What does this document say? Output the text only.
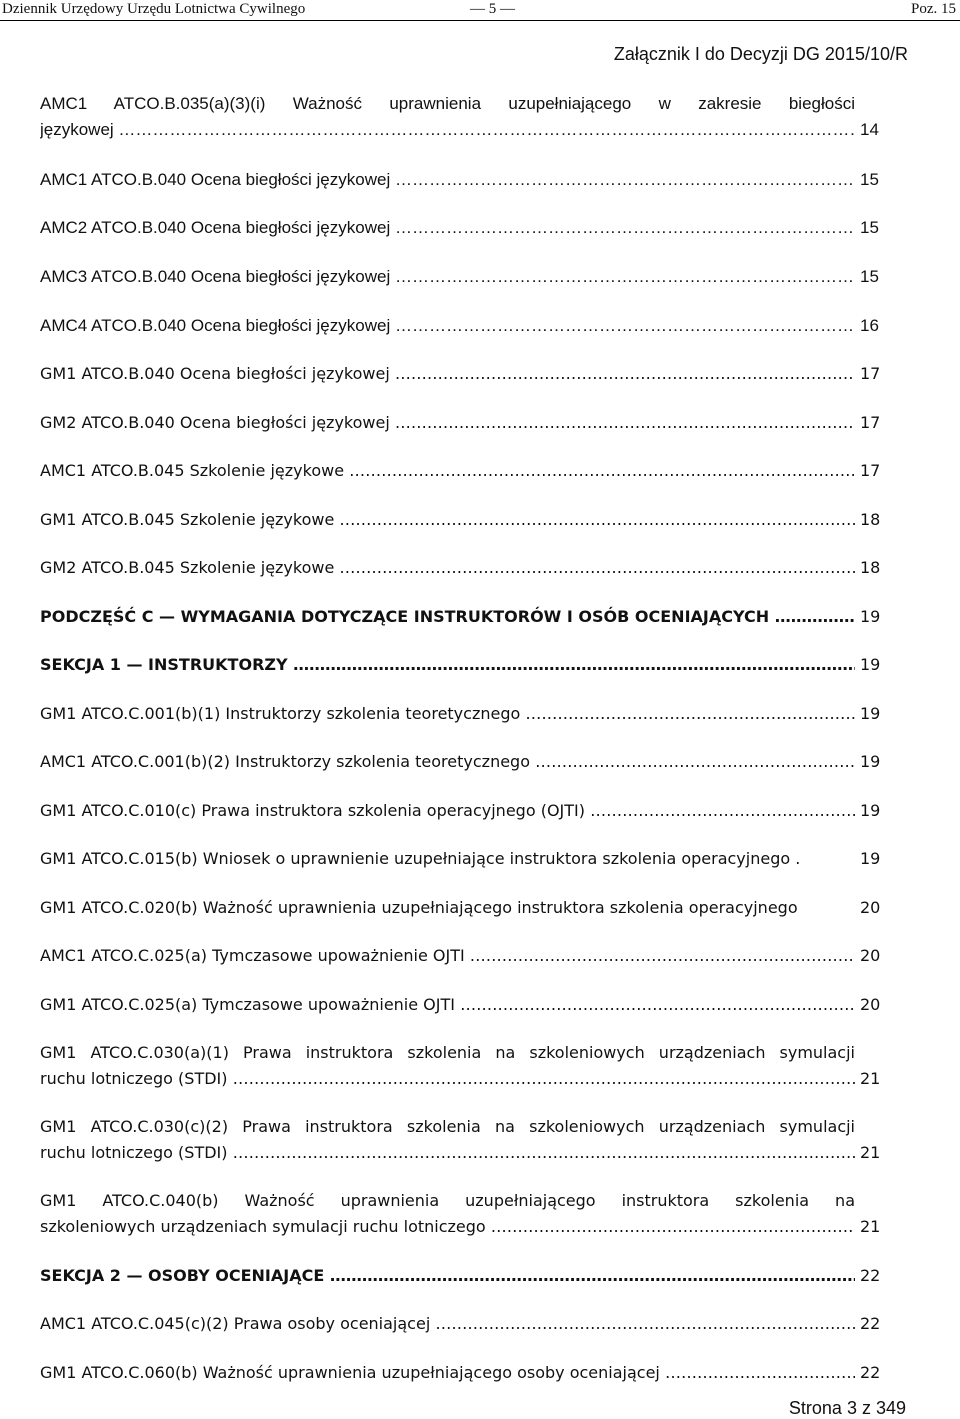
Dziennik Urzędowy Urzędu Lotnictwa Cywilnego	— 5 —	Poz. 15
Załącznik I do Decyzji DG 2015/10/R
AMC1 ATCO.B.035(a)(3)(i) Ważność uprawnienia uzupełniającego w zakresie biegłości
językowej ……………………………………………………………………………………………………………………………………………………………………………………	14
AMC1 ATCO.B.040 Ocena biegłości językowej ……………………………………………………………………………………………………………………………………………………………………………………	15
AMC2 ATCO.B.040 Ocena biegłości językowej ……………………………………………………………………………………………………………………………………………………………………………………	15
AMC3 ATCO.B.040 Ocena biegłości językowej ……………………………………………………………………………………………………………………………………………………………………………………	15
AMC4 ATCO.B.040 Ocena biegłości językowej ……………………………………………………………………………………………………………………………………………………………………………………	16
GM1 ATCO.B.040 Ocena biegłości językowej ……………………………………………………………………………………………………………………………………………………………………………………	17
GM2 ATCO.B.040 Ocena biegłości językowej ……………………………………………………………………………………………………………………………………………………………………………………	17
AMC1 ATCO.B.045 Szkolenie językowe ……………………………………………………………………………………………………………………………………………………………………………………	17
GM1 ATCO.B.045 Szkolenie językowe ……………………………………………………………………………………………………………………………………………………………………………………	18
GM2 ATCO.B.045 Szkolenie językowe ……………………………………………………………………………………………………………………………………………………………………………………	18
PODCZĘŚĆ C — WYMAGANIA DOTYCZĄCE INSTRUKTORÓW I OSÓB OCENIAJĄCYCH ……………………………………………………………………………………………………………………………………………………………………………………	19
SEKCJA 1 — INSTRUKTORZY ……………………………………………………………………………………………………………………………………………………………………………………	19
GM1 ATCO.C.001(b)(1) Instruktorzy szkolenia teoretycznego ……………………………………………………………………………………………………………………………………………………………………………………	19
AMC1 ATCO.C.001(b)(2) Instruktorzy szkolenia teoretycznego ……………………………………………………………………………………………………………………………………………………………………………………	19
GM1 ATCO.C.010(c) Prawa instruktora szkolenia operacyjnego (OJTI) ……………………………………………………………………………………………………………………………………………………………………………………	19
GM1 ATCO.C.015(b) Wniosek o uprawnienie uzupełniające instruktora szkolenia operacyjnego .	19
GM1 ATCO.C.020(b) Ważność uprawnienia uzupełniającego instruktora szkolenia operacyjnego	20
AMC1 ATCO.C.025(a) Tymczasowe upoważnienie OJTI ……………………………………………………………………………………………………………………………………………………………………………………	20
GM1 ATCO.C.025(a) Tymczasowe upoważnienie OJTI ……………………………………………………………………………………………………………………………………………………………………………………	20
GM1 ATCO.C.030(a)(1) Prawa instruktora szkolenia na szkoleniowych urządzeniach symulacji
ruchu lotniczego (STDI) ……………………………………………………………………………………………………………………………………………………………………………………	21
GM1 ATCO.C.030(c)(2) Prawa instruktora szkolenia na szkoleniowych urządzeniach symulacji
ruchu lotniczego (STDI) ……………………………………………………………………………………………………………………………………………………………………………………	21
GM1 ATCO.C.040(b) Ważność uprawnienia uzupełniającego instruktora szkolenia na
szkoleniowych urządzeniach symulacji ruchu lotniczego ……………………………………………………………………………………………………………………………………………………………………………………	21
SEKCJA 2 — OSOBY OCENIAJĄCE ……………………………………………………………………………………………………………………………………………………………………………………	22
AMC1 ATCO.C.045(c)(2) Prawa osoby oceniającej ……………………………………………………………………………………………………………………………………………………………………………………	22
GM1 ATCO.C.060(b) Ważność uprawnienia uzupełniającego osoby oceniającej ……………………………………………………………………………………………………………………………………………………………………………………	22
Strona 3 z 349
